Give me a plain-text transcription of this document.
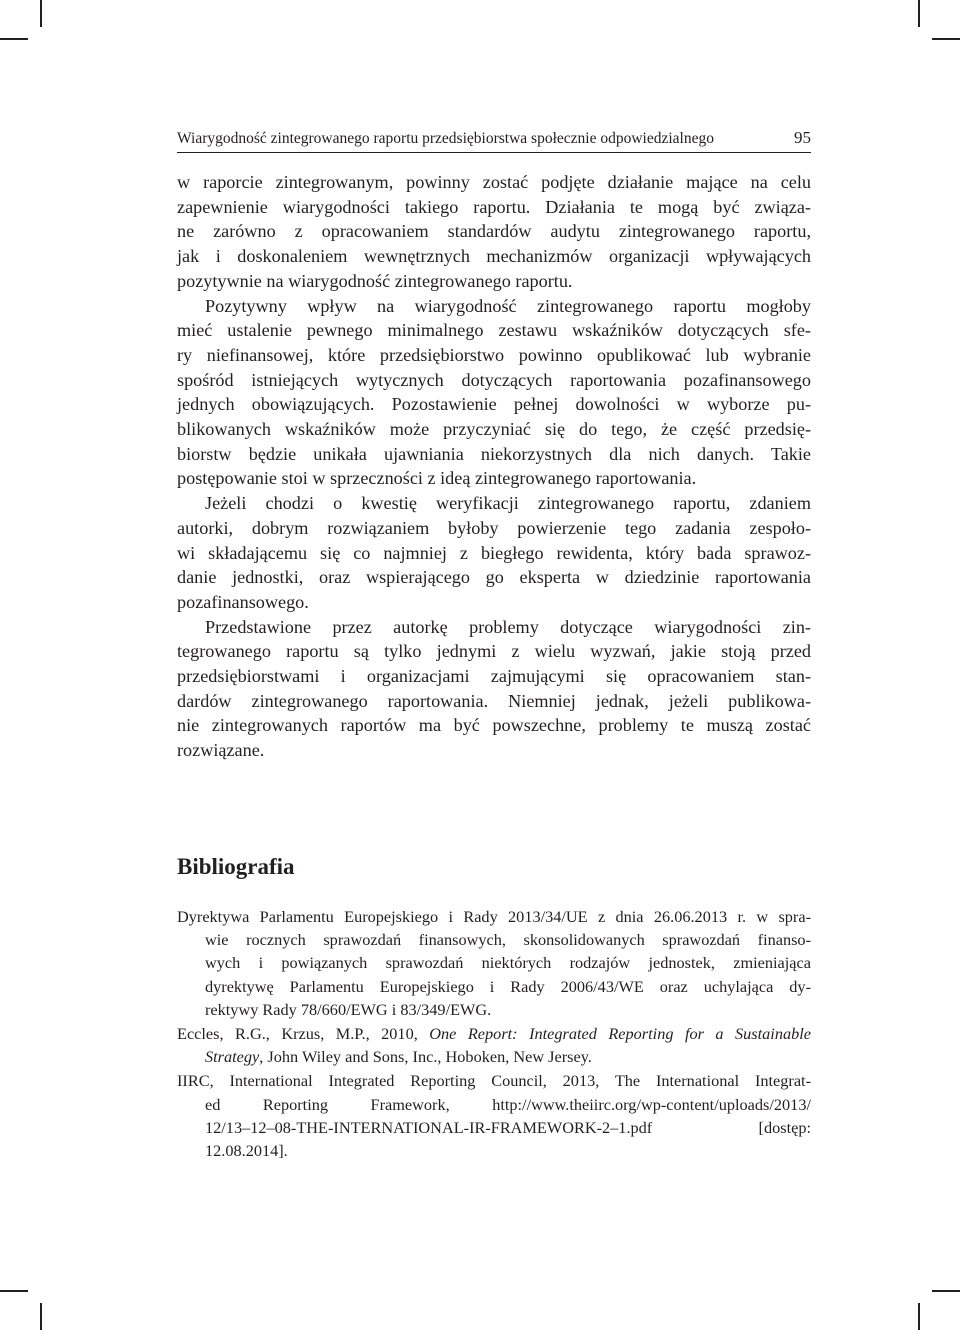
Wiarygodność zintegrowanego raportu przedsiębiorstwa społecznie odpowiedzialnego	95
w raporcie zintegrowanym, powinny zostać podjęte działanie mające na celu
zapewnienie wiarygodności takiego raportu. Działania te mogą być związa-
ne zarówno z opracowaniem standardów audytu zintegrowanego raportu,
jak i doskonaleniem wewnętrznych mechanizmów organizacji wpływających
pozytywnie na wiarygodność zintegrowanego raportu.
Pozytywny wpływ na wiarygodność zintegrowanego raportu mogłoby
mieć ustalenie pewnego minimalnego zestawu wskaźników dotyczących sfe-
ry niefinansowej, które przedsiębiorstwo powinno opublikować lub wybranie
spośród istniejących wytycznych dotyczących raportowania pozafinansowego
jednych obowiązujących. Pozostawienie pełnej dowolności w wyborze pu-
blikowanych wskaźników może przyczyniać się do tego, że część przedsię-
biorstw będzie unikała ujawniania niekorzystnych dla nich danych. Takie
postępowanie stoi w sprzeczności z ideą zintegrowanego raportowania.
Jeżeli chodzi o kwestię weryfikacji zintegrowanego raportu, zdaniem
autorki, dobrym rozwiązaniem byłoby powierzenie tego zadania zespoło-
wi składającemu się co najmniej z biegłego rewidenta, który bada sprawoz-
danie jednostki, oraz wspierającego go eksperta w dziedzinie raportowania
pozafinansowego.
Przedstawione przez autorkę problemy dotyczące wiarygodności zin-
tegrowanego raportu są tylko jednymi z wielu wyzwań, jakie stoją przed
przedsiębiorstwami i organizacjami zajmującymi się opracowaniem stan-
dardów zintegrowanego raportowania. Niemniej jednak, jeżeli publikowa-
nie zintegrowanych raportów ma być powszechne, problemy te muszą zostać
rozwiązane.
Bibliografia
Dyrektywa Parlamentu Europejskiego i Rady 2013/34/UE z dnia 26.06.2013 r. w spra-
wie rocznych sprawozdań finansowych, skonsolidowanych sprawozdań finanso-
wych i powiązanych sprawozdań niektórych rodzajów jednostek, zmieniająca
dyrektywę Parlamentu Europejskiego i Rady 2006/43/WE oraz uchylająca dy-
rektywy Rady 78/660/EWG i 83/349/EWG.
Eccles, R.G., Krzus, M.P., 2010, One Report: Integrated Reporting for a Sustainable
Strategy, John Wiley and Sons, Inc., Hoboken, New Jersey.
IIRC, International Integrated Reporting Council, 2013, The International Integrat-
ed Reporting Framework, http://www.theiirc.org/wp-content/uploads/2013/
12/13–12–08-THE-INTERNATIONAL-IR-FRAMEWORK-2–1.pdf [dostęp:
12.08.2014].
